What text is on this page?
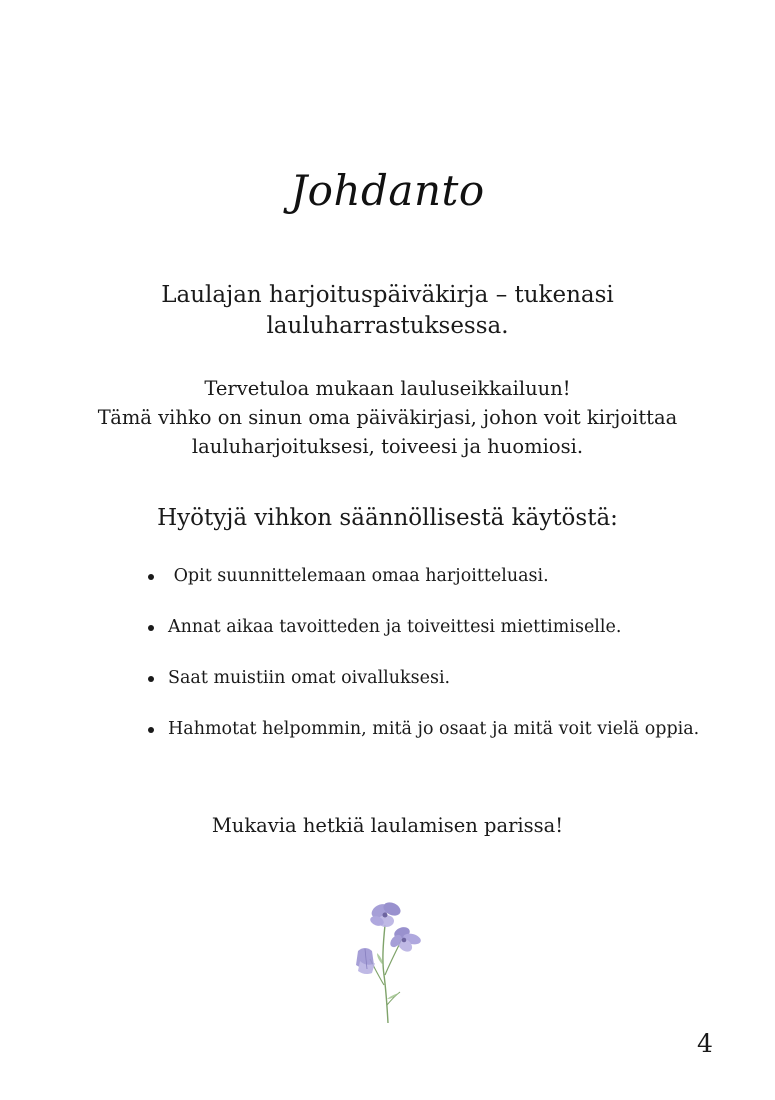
Johdanto
Laulajan harjoituspäiväkirja – tukenasi lauluharrastuksessa.
Tervetuloa mukaan lauluseikkailuun!
Tämä vihko on sinun oma päiväkirjasi, johon voit kirjoittaa lauluharjoituksesi, toiveesi ja huomiosi.
Hyötyjä vihkon säännöllisestä käytöstä:
Opit suunnittelemaan omaa harjoitteluasi.
Annat aikaa tavoitteden ja toiveittesi miettimiselle.
Saat muistiin omat oivalluksesi.
Hahmotat helpommin, mitä jo osaat ja mitä voit vielä oppia.
Mukavia hetkiä laulamisen parissa!
4
